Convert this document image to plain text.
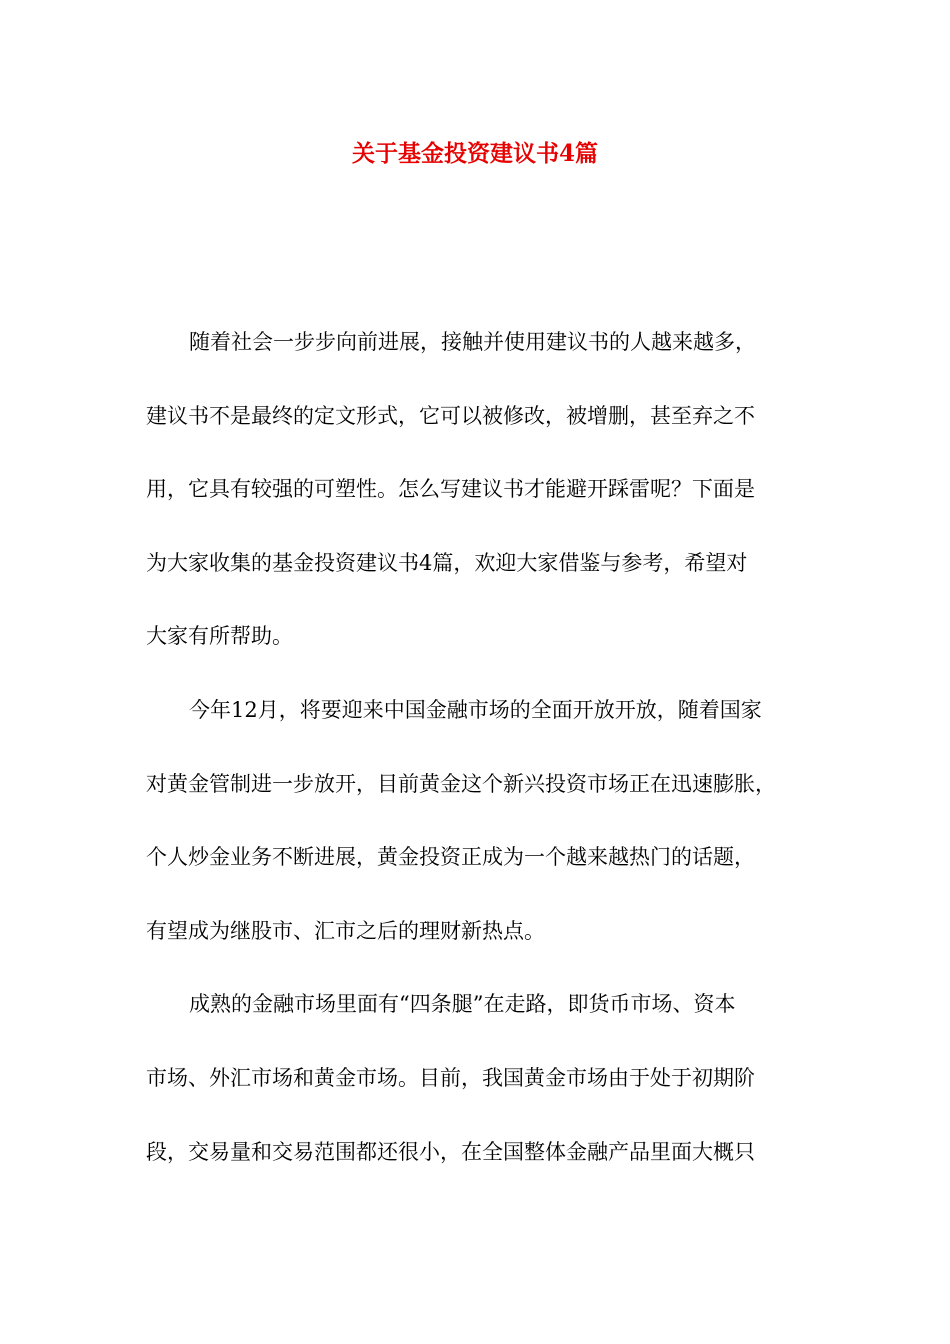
关于基金投资建议书4篇
随着社会一步步向前进展，接触并使用建议书的人越来越多，
建议书不是最终的定文形式，它可以被修改，被增删，甚至弃之不
用，它具有较强的可塑性。怎么写建议书才能避开踩雷呢？下面是
为大家收集的基金投资建议书4篇，欢迎大家借鉴与参考，希望对
大家有所帮助。
今年12月，将要迎来中国金融市场的全面开放开放，随着国家
对黄金管制进一步放开，目前黄金这个新兴投资市场正在迅速膨胀，
个人炒金业务不断进展，黄金投资正成为一个越来越热门的话题，
有望成为继股市、汇市之后的理财新热点。
成熟的金融市场里面有“四条腿”在走路，即货币市场、资本
市场、外汇市场和黄金市场。目前，我国黄金市场由于处于初期阶
段，交易量和交易范围都还很小，在全国整体金融产品里面大概只
